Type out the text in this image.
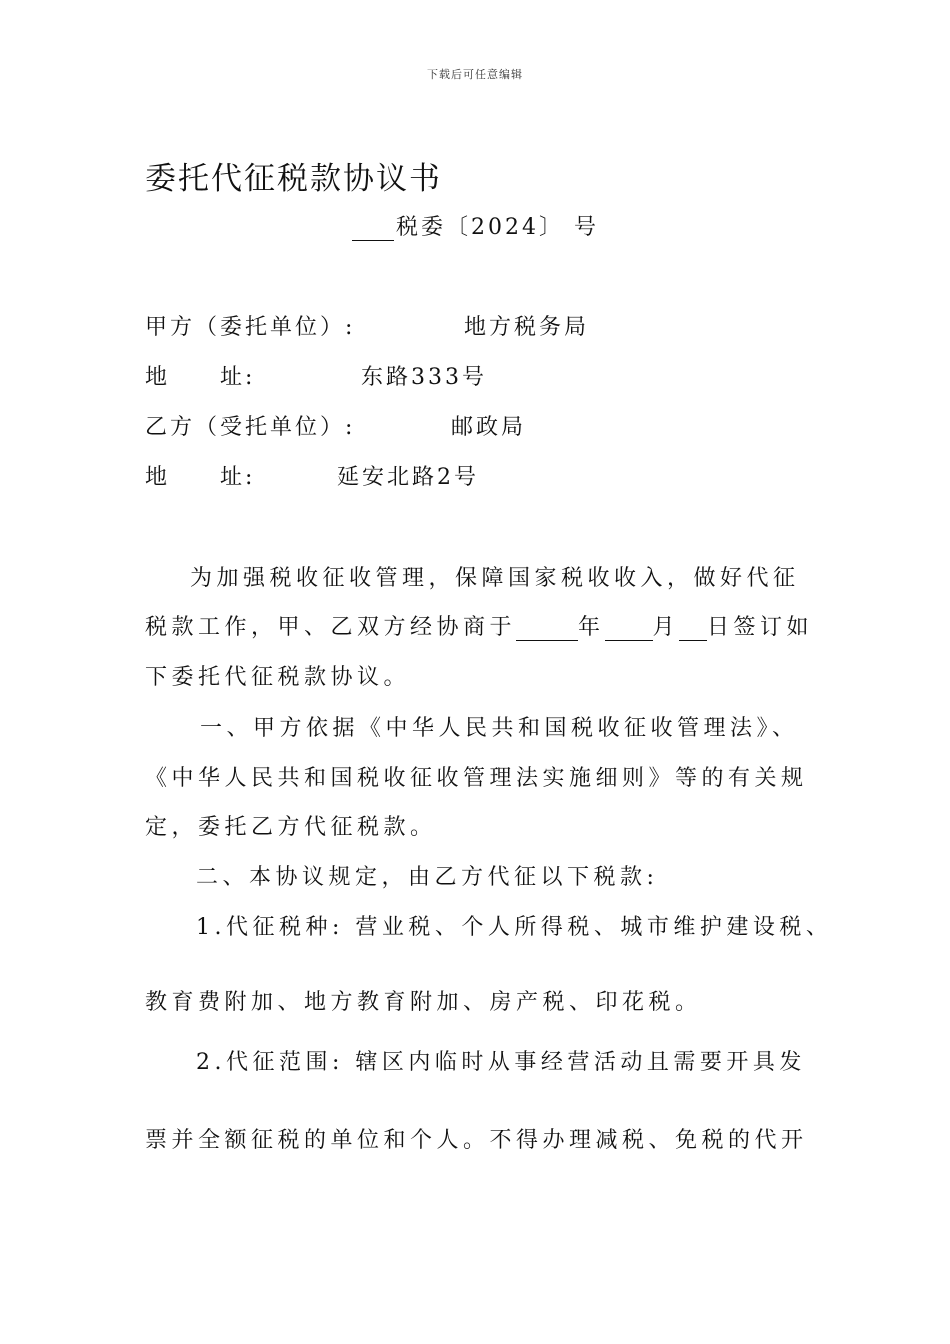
下载后可任意编辑
委托代征税款协议书
税委〔2024〕 号
甲方（委托单位）:	地方税务局
地　　址:	东路333号
乙方（受托单位）:	邮政局
地　　址:	延安北路2号
为加强税收征收管理，保障国家税收收入，做好代征
税款工作，甲、乙双方经协商于	年 月 日签订如
下委托代征税款协议。
一、甲方依据《中华人民共和国税收征收管理法》、
《中华人民共和国税收征收管理法实施细则》等的有关规
定，委托乙方代征税款。
二、本协议规定，由乙方代征以下税款:
1.代征税种: 营业税、个人所得税、城市维护建设税、
教育费附加、地方教育附加、房产税、印花税。
2.代征范围: 辖区内临时从事经营活动且需要开具发
票并全额征税的单位和个人。不得办理减税、免税的代开
